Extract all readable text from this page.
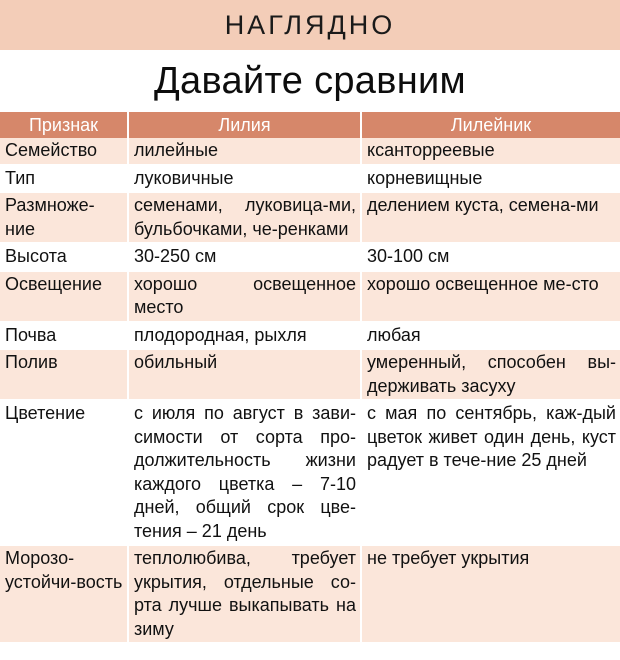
НАГЛЯДНО
Давайте сравним
Признак	Лилия	Лилейник
Семейство	лилейные	ксанторреевые
Тип	луковичные	корневищные
Размноже-ние	семенами, луковица-ми, бульбочками, че-ренками	делением куста, семена-ми
Высота	30-250 см	30-100 см
Освещение	хорошо освещенное место	хорошо освещенное ме-сто
Почва	плодородная, рыхля	любая
Полив	обильный	умеренный, способен вы-держивать засуху
Цветение	с июля по август в зави-симости от сорта про-должительность жизни каждого цветка – 7-10 дней, общий срок цве-тения – 21 день	с мая по сентябрь, каж-дый цветок живет один день, куст радует в тече-ние 25 дней
Морозо-устойчи-вость	теплолюбива, требует укрытия, отдельные со-рта лучше выкапывать на зиму	не требует укрытия
